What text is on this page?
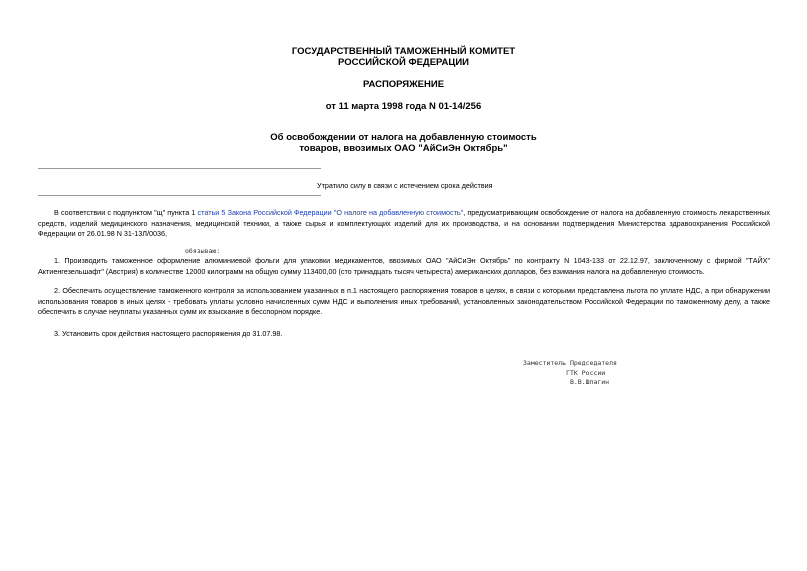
ГОСУДАРСТВЕННЫЙ ТАМОЖЕННЫЙ КОМИТЕТ
РОССИЙСКОЙ ФЕДЕРАЦИИ
РАСПОРЯЖЕНИЕ
от 11 марта 1998 года N 01-14/256
Об освобождении от налога на добавленную стоимость
товаров, ввозимых ОАО "АйСиЭн Октябрь"
Утратило силу в связи с истечением срока действия
В соответствии с подпунктом "щ" пункта 1 статьи 5 Закона Российской Федерации "О налоге на добавленную стоимость", предусматривающим освобождение от налога на добавленную стоимость лекарственных средств, изделий медицинского назначения, медицинской техники, а также сырья и комплектующих изделий для их производства, и на основании подтверждения Министерства здравоохранения Российской Федерации от 26.01.98 N 31-13Л/0036,
обязываю:
1. Производить таможенное оформление алюминиевой фольги для упаковки медикаментов, ввозимых ОАО "АйСиЭн Октябрь" по контракту N 1043-133 от 22.12.97, заключенному с фирмой "ТАЙХ" Актиенгезельшафт" (Австрия) в количестве 12000 килограмм на общую сумму 113400,00 (сто тринадцать тысяч четыреста) американских долларов, без взимания налога на добавленную стоимость.
2. Обеспечить осуществление таможенного контроля за использованием указанных в п.1 настоящего распоряжения товаров в целях, в связи с которыми представлена льгота по уплате НДС, а при обнаружении использования товаров в иных целях - требовать уплаты условно начисленных сумм НДС и выполнения иных требований, установленных законодательством Российской Федерации по таможенному делу, а также обеспечить в случае неуплаты указанных сумм их взыскание в бесспорном порядке.
3. Установить срок действия настоящего распоряжения до 31.07.98.
Заместитель Председателя
ГТК России
В.В.Шпагин
